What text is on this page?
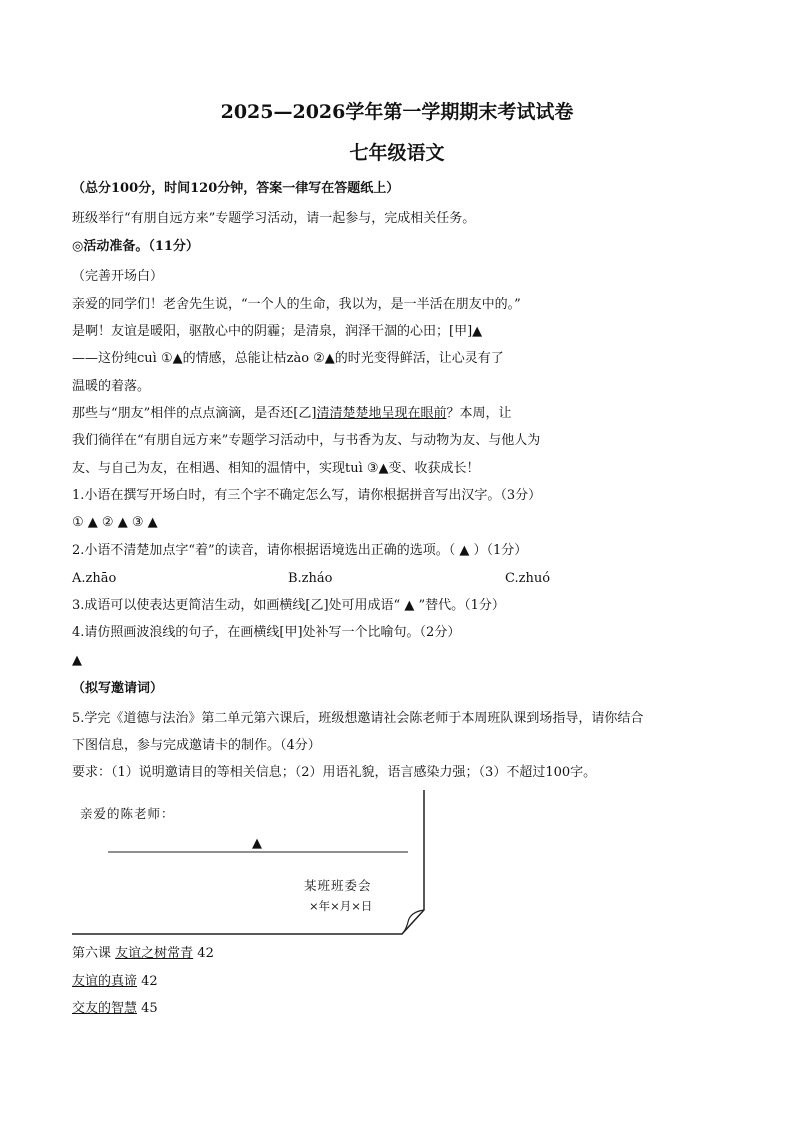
2025—2026学年第一学期期末考试试卷
七年级语文
（总分100分，时间120分钟，答案一律写在答题纸上）
班级举行“有朋自远方来”专题学习活动，请一起参与，完成相关任务。
◎活动准备。（11分）
（完善开场白）
亲爱的同学们！老舍先生说，“一个人的生命，我以为，是一半活在朋友中的。”
是啊！友谊是暖阳，驱散心中的阴霾；是清泉，润泽干涸的心田；[甲]▲
——这份纯cuì ①▲的情感，总能让枯zào ②▲的时光变得鲜活，让心灵有了
温暖的着落。
那些与“朋友”相伴的点点滴滴，是否还[乙]清清楚楚地呈现在眼前？本周，让
我们徜徉在“有朋自远方来”专题学习活动中，与书香为友、与动物为友、与他人为
友、与自己为友，在相遇、相知的温情中，实现tuì ③▲变、收获成长！
1.小语在撰写开场白时，有三个字不确定怎么写，请你根据拼音写出汉字。（3分）
① ▲ ② ▲ ③ ▲
2.小语不清楚加点字“着”的读音，请你根据语境选出正确的选项。（ ▲ ）（1分）
A.zhāo	B.zháo	C.zhuó
3.成语可以使表达更简洁生动，如画横线[乙]处可用成语“ ▲ ”替代。（1分）
4.请仿照画波浪线的句子，在画横线[甲]处补写一个比喻句。（2分）
▲
（拟写邀请词）
5.学完《道德与法治》第二单元第六课后，班级想邀请社会陈老师于本周班队课到场指导，请你结合
下图信息，参与完成邀请卡的制作。（4分）
要求：（1）说明邀请目的等相关信息；（2）用语礼貌，语言感染力强；（3）不超过100字。
亲爱的陈老师：
▲
某班班委会
×年×月×日
第六课 友谊之树常青 42
友谊的真谛 42
交友的智慧 45
